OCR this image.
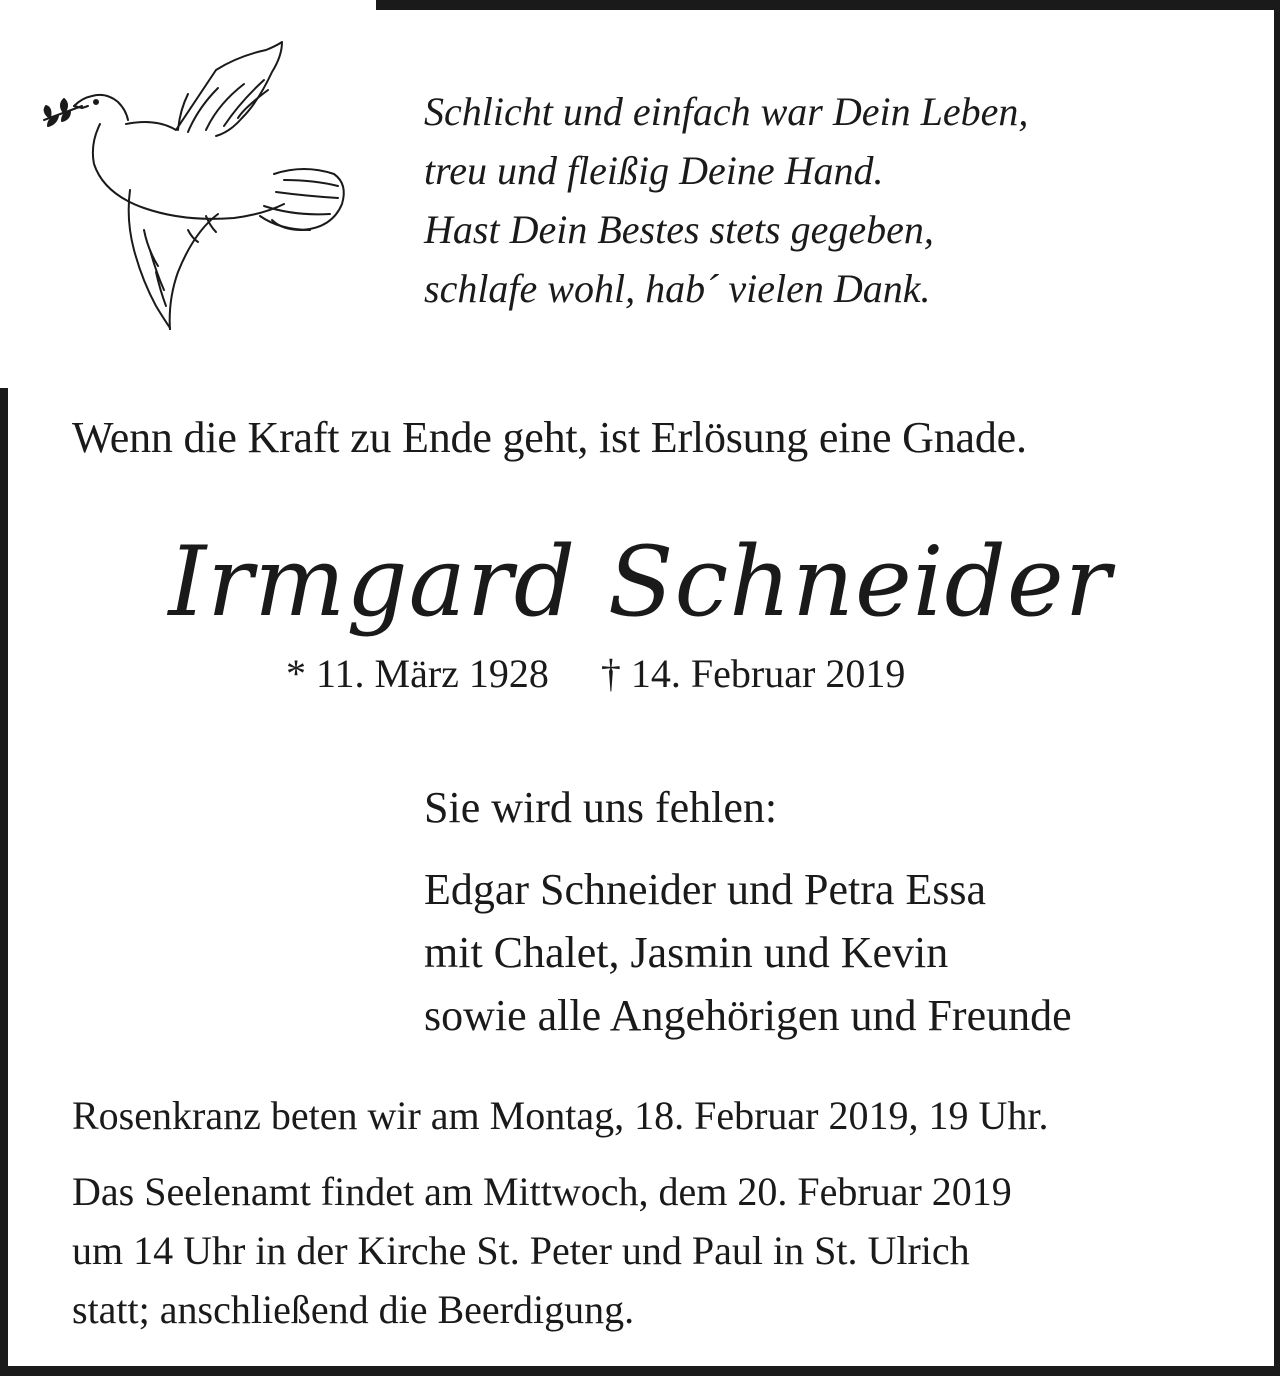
Schlicht und einfach war Dein Leben,
treu und fleißig Deine Hand.
Hast Dein Bestes stets gegeben,
schlafe wohl, hab´ vielen Dank.
Wenn die Kraft zu Ende geht, ist Erlösung eine Gnade.
Irmgard Schneider
* 11. März 1928 † 14. Februar 2019
Sie wird uns fehlen:
Edgar Schneider und Petra Essa
mit Chalet, Jasmin und Kevin
sowie alle Angehörigen und Freunde
Rosenkranz beten wir am Montag, 18. Februar 2019, 19 Uhr.
Das Seelenamt findet am Mittwoch, dem 20. Februar 2019
um 14 Uhr in der Kirche St. Peter und Paul in St. Ulrich
statt; anschließend die Beerdigung.
